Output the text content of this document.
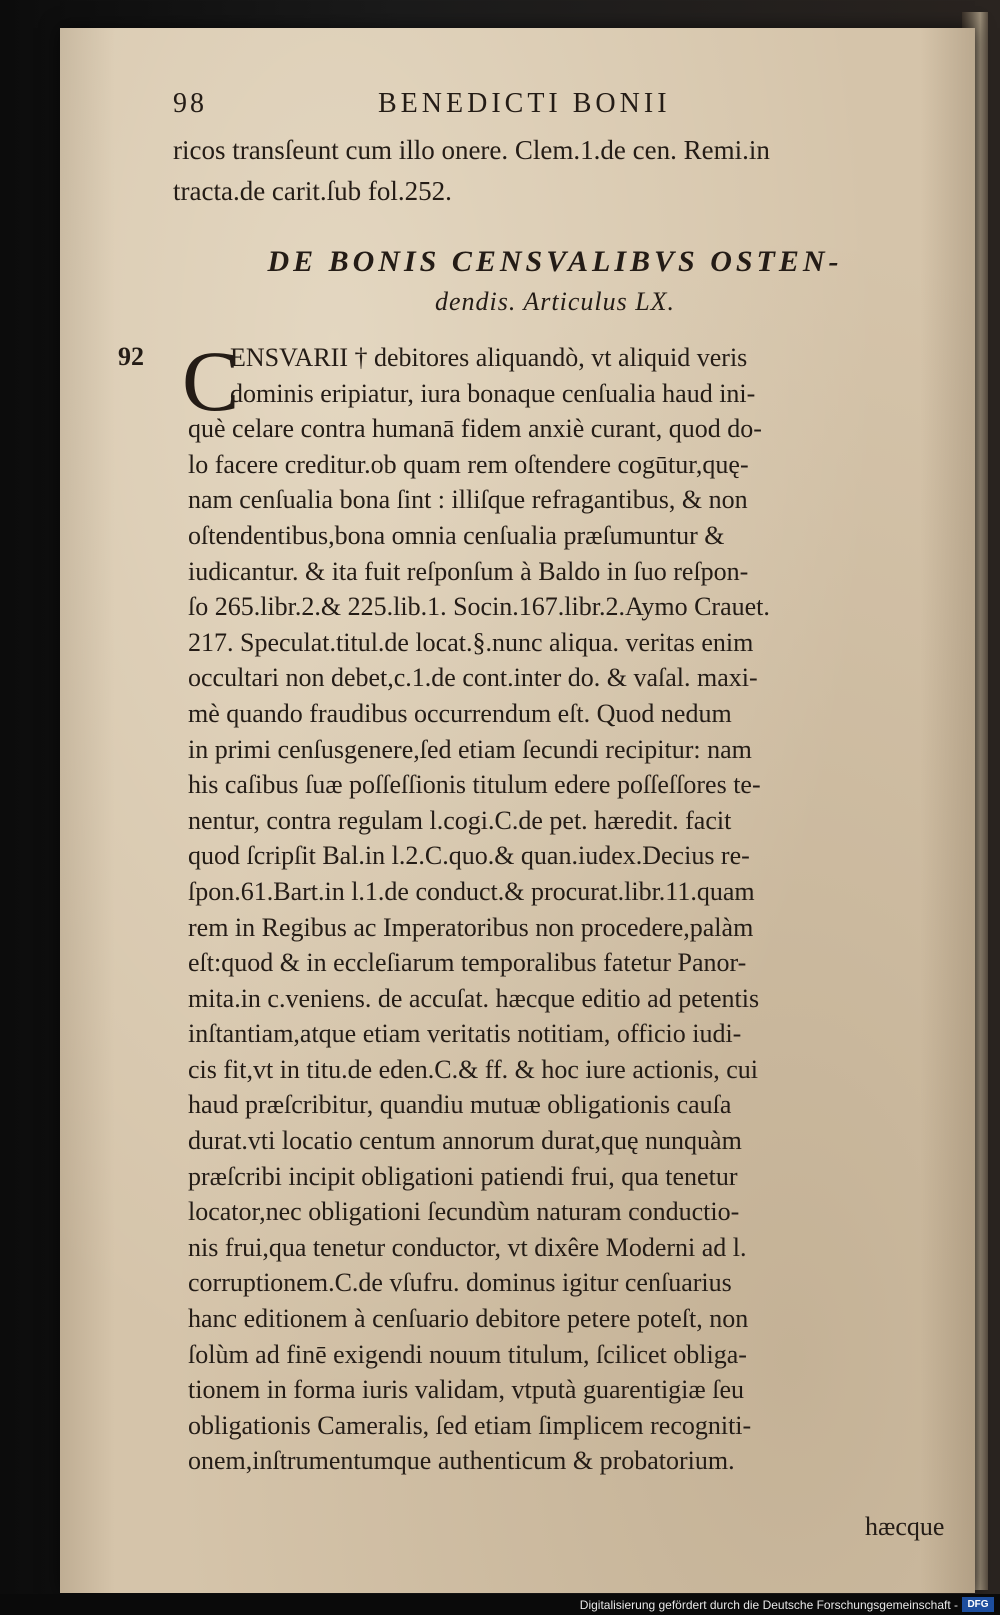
98	BENEDICTI BONII
ricos transſeunt cum illo onere. Clem.1.de cen. Remi.in
tracta.de carit.ſub fol.252.
DE BONIS CENSVALIBVS OSTEN-
dendis. Articulus LX.
92 C
ENSVARII † debitores aliquandò, vt aliquid veris
dominis eripiatur, iura bonaque cenſualia haud ini-
què celare contra humanā fidem anxiè curant, quod do-
lo facere creditur.ob quam rem oſtendere cogūtur,quę-
nam cenſualia bona ſint : illiſque refragantibus, & non
oſtendentibus,bona omnia cenſualia præſumuntur &
iudicantur. & ita fuit reſponſum à Baldo in ſuo reſpon-
ſo 265.libr.2.& 225.lib.1. Socin.167.libr.2.Aymo Crauet.
217. Speculat.titul.de locat.§.nunc aliqua. veritas enim
occultari non debet,c.1.de cont.inter do. & vaſal. maxi-
mè quando fraudibus occurrendum eſt. Quod nedum
in primi cenſusgenere,ſed etiam ſecundi recipitur: nam
his caſibus ſuæ poſſeſſionis titulum edere poſſeſſores te-
nentur, contra regulam l.cogi.C.de pet. hæredit. facit
quod ſcripſit Bal.in l.2.C.quo.& quan.iudex.Decius re-
ſpon.61.Bart.in l.1.de conduct.& procurat.libr.11.quam
rem in Regibus ac Imperatoribus non procedere,palàm
eſt:quod & in eccleſiarum temporalibus fatetur Panor-
mita.in c.veniens. de accuſat. hæcque editio ad petentis
inſtantiam,atque etiam veritatis notitiam, officio iudi-
cis fit,vt in titu.de eden.C.& ff. & hoc iure actionis, cui
haud præſcribitur, quandiu mutuæ obligationis cauſa
durat.vti locatio centum annorum durat,quę nunquàm
præſcribi incipit obligationi patiendi frui, qua tenetur
locator,nec obligationi ſecundùm naturam conductio-
nis frui,qua tenetur conductor, vt dixêre Moderni ad l.
corruptionem.C.de vſufru. dominus igitur cenſuarius
hanc editionem à cenſuario debitore petere poteſt, non
ſolùm ad finē exigendi nouum titulum, ſcilicet obliga-
tionem in forma iuris validam, vtputà guarentigiæ ſeu
obligationis Cameralis, ſed etiam ſimplicem recogniti-
onem,inſtrumentumque authenticum & probatorium.
hæcque
Digitalisierung gefördert durch die Deutsche Forschungsgemeinschaft - DFG
